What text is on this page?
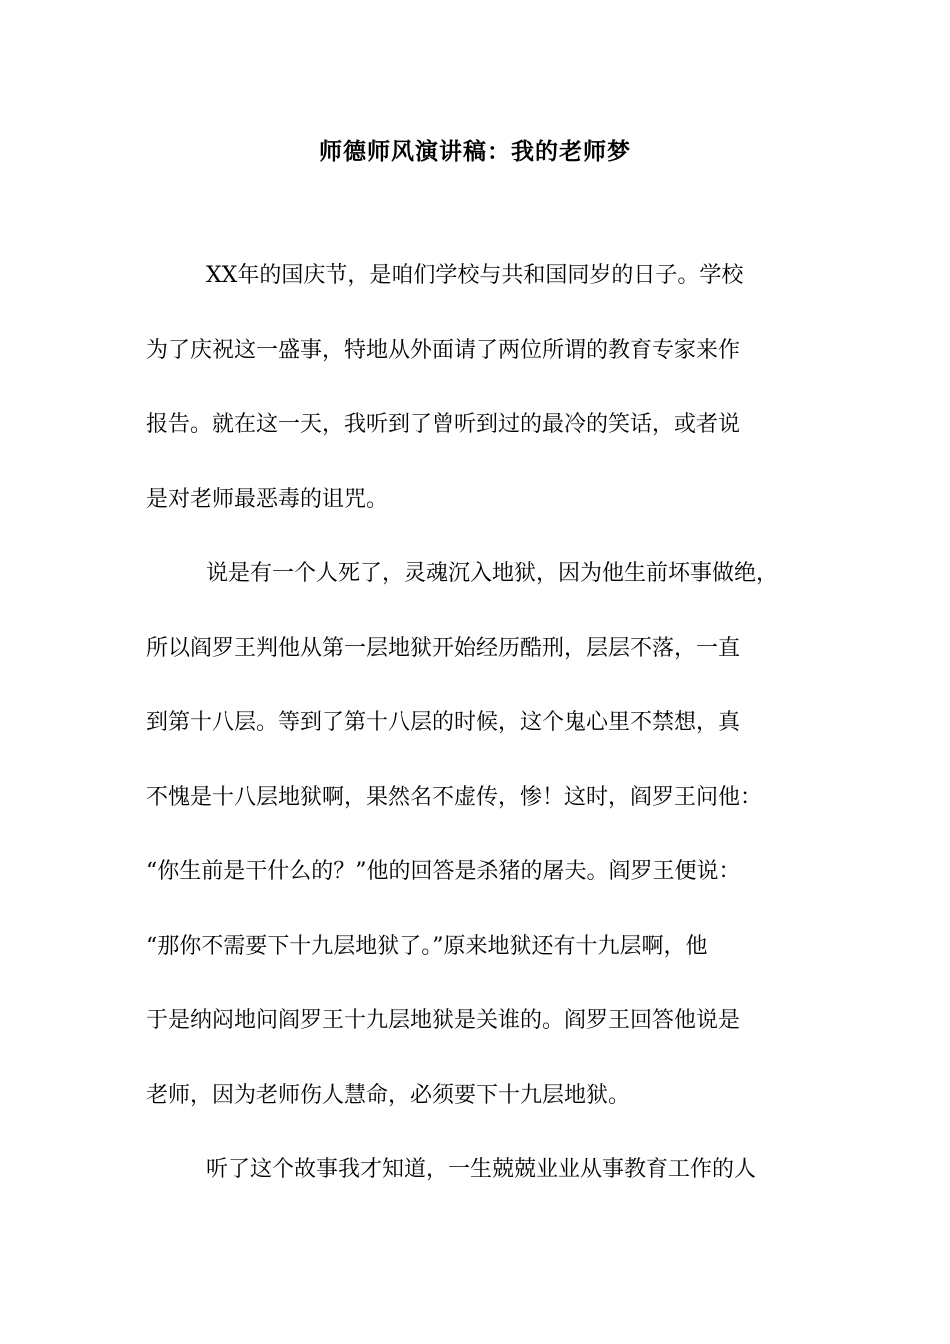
师德师风演讲稿：我的老师梦
XX年的国庆节，是咱们学校与共和国同岁的日子。学校
为了庆祝这一盛事，特地从外面请了两位所谓的教育专家来作
报告。就在这一天，我听到了曾听到过的最冷的笑话，或者说
是对老师最恶毒的诅咒。
说是有一个人死了，灵魂沉入地狱，因为他生前坏事做绝，
所以阎罗王判他从第一层地狱开始经历酷刑，层层不落，一直
到第十八层。等到了第十八层的时候，这个鬼心里不禁想，真
不愧是十八层地狱啊，果然名不虚传，惨！这时，阎罗王问他：
“你生前是干什么的？”他的回答是杀猪的屠夫。阎罗王便说：
“那你不需要下十九层地狱了。”原来地狱还有十九层啊，他
于是纳闷地问阎罗王十九层地狱是关谁的。阎罗王回答他说是
老师，因为老师伤人慧命，必须要下十九层地狱。
听了这个故事我才知道，一生兢兢业业从事教育工作的人
